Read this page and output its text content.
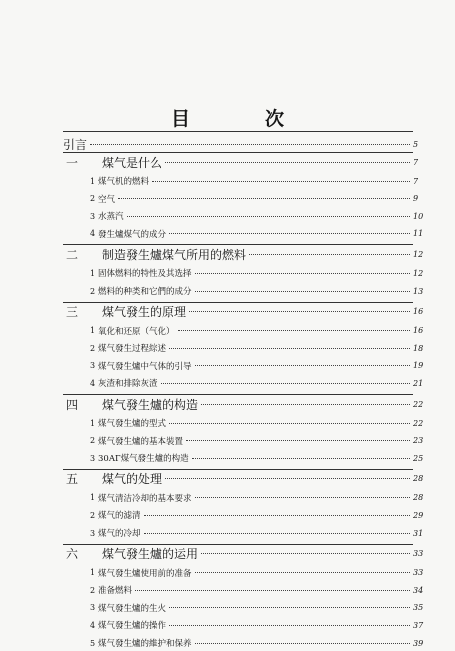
目　次
引言	5
一	煤气是什么	7
1 煤气机的燃料	7
2 空气	9
3 水蒸汽	10
4 發生爐煤气的成分	11
二	制造發生爐煤气所用的燃料	12
1 固体燃料的特性及其选择	12
2 燃料的种类和它們的成分	13
三	煤气發生的原理	16
1 氧化和还原（气化）	16
2 煤气發生过程綜述	18
3 煤气發生爐中气体的引导	19
4 灰渣和排除灰渣	21
四	煤气發生爐的构造	22
1 煤气發生爐的型式	22
2 煤气發生爐的基本裝置	23
3 30AГ煤气發生爐的构造	25
五	煤气的处理	28
1 煤气清洁冷却的基本要求	28
2 煤气的滤清	29
3 煤气的冷却	31
六	煤气發生爐的运用	33
1 煤气發生爐使用前的准备	33
2 准备燃料	34
3 煤气發生爐的生火	35
4 煤气發生爐的操作	37
5 煤气發生爐的維护和保养	39
